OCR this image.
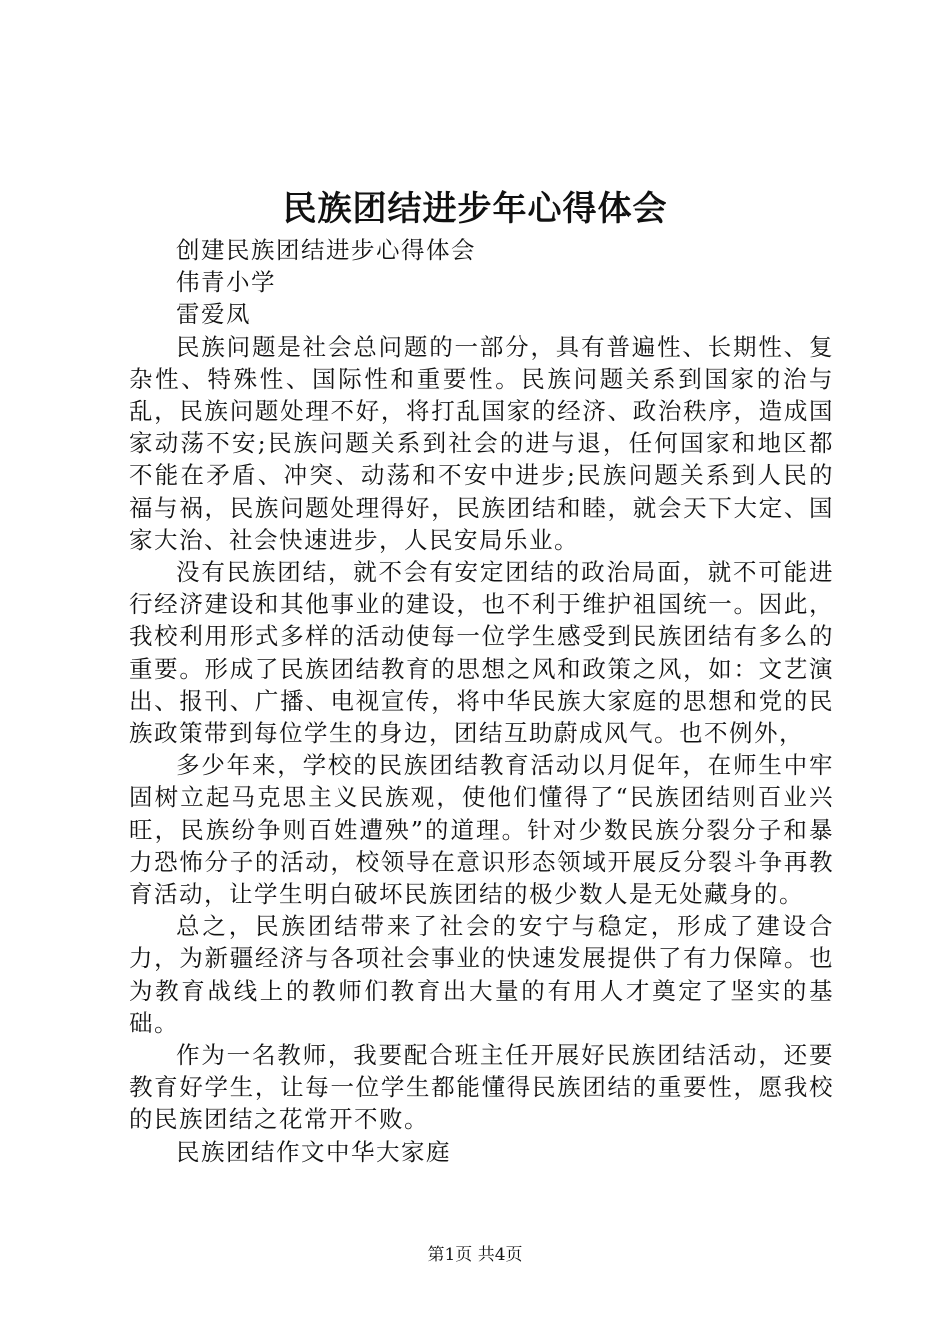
民族团结进步年心得体会

创建民族团结进步心得体会

伟青小学

雷爱凤

民族问题是社会总问题的一部分，具有普遍性、长期性、复杂性、特殊性、国际性和重要性。民族问题关系到国家的治与乱，民族问题处理不好，将打乱国家的经济、政治秩序，造成国家动荡不安;民族问题关系到社会的进与退，任何国家和地区都不能在矛盾、冲突、动荡和不安中进步;民族问题关系到人民的福与祸，民族问题处理得好，民族团结和睦，就会天下大定、国家大治、社会快速进步，人民安局乐业。

没有民族团结，就不会有安定团结的政治局面，就不可能进行经济建设和其他事业的建设，也不利于维护祖国统一。因此，我校利用形式多样的活动使每一位学生感受到民族团结有多么的重要。形成了民族团结教育的思想之风和政策之风，如：文艺演出、报刊、广播、电视宣传，将中华民族大家庭的思想和党的民族政策带到每位学生的身边，团结互助蔚成风气。也不例外，

多少年来，学校的民族团结教育活动以月促年，在师生中牢固树立起马克思主义民族观，使他们懂得了“民族团结则百业兴旺，民族纷争则百姓遭殃”的道理。针对少数民族分裂分子和暴力恐怖分子的活动，校领导在意识形态领域开展反分裂斗争再教育活动，让学生明白破坏民族团结的极少数人是无处藏身的。

总之，民族团结带来了社会的安宁与稳定，形成了建设合力，为新疆经济与各项社会事业的快速发展提供了有力保障。也为教育战线上的教师们教育出大量的有用人才奠定了坚实的基础。

作为一名教师，我要配合班主任开展好民族团结活动，还要教育好学生，让每一位学生都能懂得民族团结的重要性，愿我校的民族团结之花常开不败。

民族团结作文中华大家庭

第1页 共4页
